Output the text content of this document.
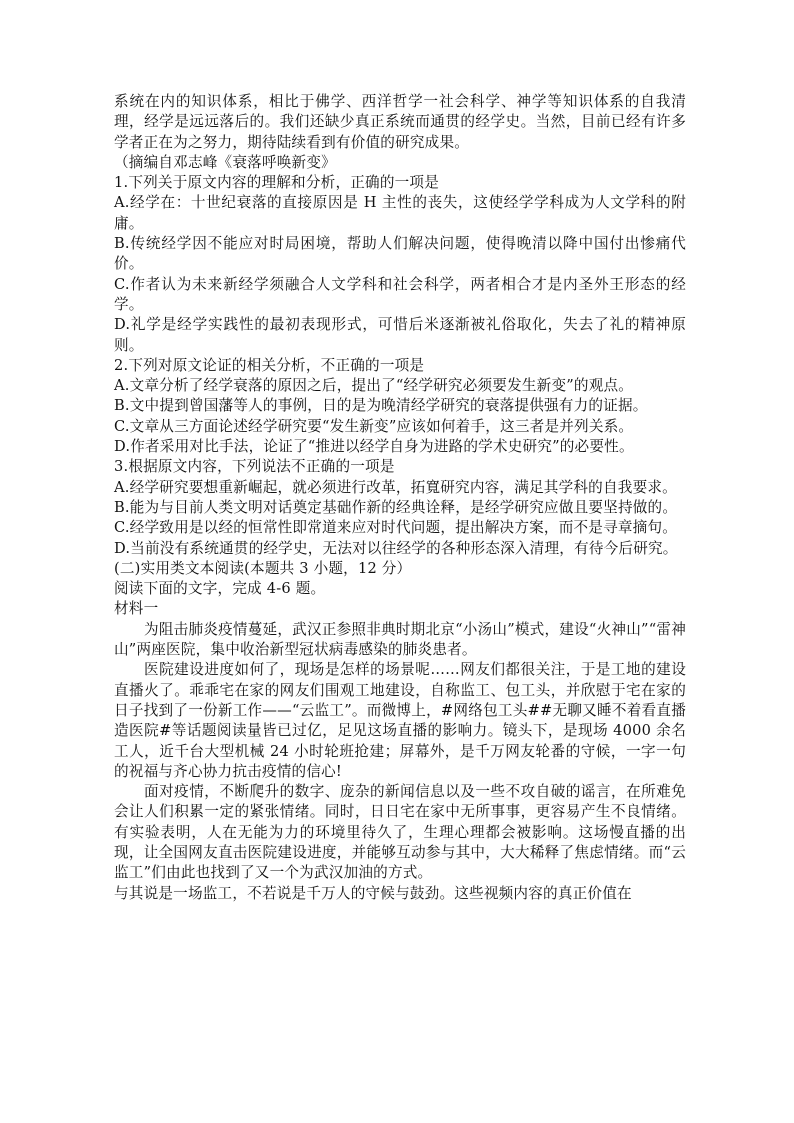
系统在内的知识体系，相比于佛学、西洋哲学一社会科学、神学等知识体系的自我清理，经学是远远落后的。我们还缺少真正系统而通贯的经学史。当然，目前已经有许多学者正在为之努力，期待陆续看到有价值的研究成果。

（摘编自邓志峰《衰落呼唤新变》

1.下列关于原文内容的理解和分析，正确的一项是

A.经学在：十世纪衰落的直接原因是 H 主性的丧失，这使经学学科成为人文学科的附庸。

B.传统经学因不能应对时局困境，帮助人们解决问题，使得晚清以降中国付出惨痛代价。

C.作者认为未来新经学须融合人文学科和社会科学，两者相合才是内圣外王形态的经学。

D.礼学是经学实践性的最初表现形式，可惜后米逐渐被礼俗取化，失去了礼的精神原则。

2.下列对原文论证的相关分析，不正确的一项是

A.文章分析了经学衰落的原因之后，提出了“经学研究必须要发生新变”的观点。

B.文中提到曾国藩等人的事例，日的是为晚清经学研究的衰落提供强有力的证据。

C.文章从三方面论述经学研究要“发生新变”应该如何着手，这三者是并列关系。

D.作者采用对比手法，论证了“推进以经学自身为进路的学术史研究”的必要性。

3.根据原文内容，下列说法不正确的一项是

A.经学研究要想重新崛起，就必须进行改革，拓寬研究内容，满足其学科的自我要求。

B.能为与目前人类文明对话奠定基础作新的经典诠释，是经学研究应做且要坚持做的。

C.经学致用是以经的恒常性即常道来应对时代问题，提出解决方案，而不是寻章摘句。

D.当前没有系统通贯的经学史，无法对以往经学的各种形态深入清理，有待今后研究。

(二)实用类文本阅读(本题共 3 小题，12 分）

阅读下面的文字，完成 4-6 题。

材料一

为阻击肺炎疫情蔓延，武汉正参照非典时期北京“小汤山”模式，建设“火神山”“雷神山”两座医院，集中收治新型冠状病毒感染的肺炎患者。

医院建设进度如何了，现场是怎样的场景呢……网友们都很关注，于是工地的建设直播火了。乖乖宅在家的网友们围观工地建设，自称监工、包工头，并欣慰于宅在家的日子找到了一份新工作——“云监工”。而微博上，#网络包工头##无聊又睡不着看直播造医院#等话题阅读量皆已过亿，足见这场直播的影响力。镜头下，是现场 4000 余名工人，近千台大型机械 24 小时轮班抢建；屏幕外，是千万网友轮番的守候，一字一句的祝福与齐心协力抗击疫情的信心!

面对疫情，不断爬升的数字、庞杂的新闻信息以及一些不攻自破的谣言，在所难免会让人们积累一定的紧张情绪。同时，日日宅在家中无所事事，更容易产生不良情绪。有实验表明，人在无能为力的环境里待久了，生理心理都会被影响。这场慢直播的出现，让全国网友直击医院建设进度，并能够互动参与其中，大大稀释了焦虑情绪。而“云监工”们由此也找到了又一个为武汉加油的方式。

与其说是一场监工，不若说是千万人的守候与鼓劲。这些视频内容的真正价值在
